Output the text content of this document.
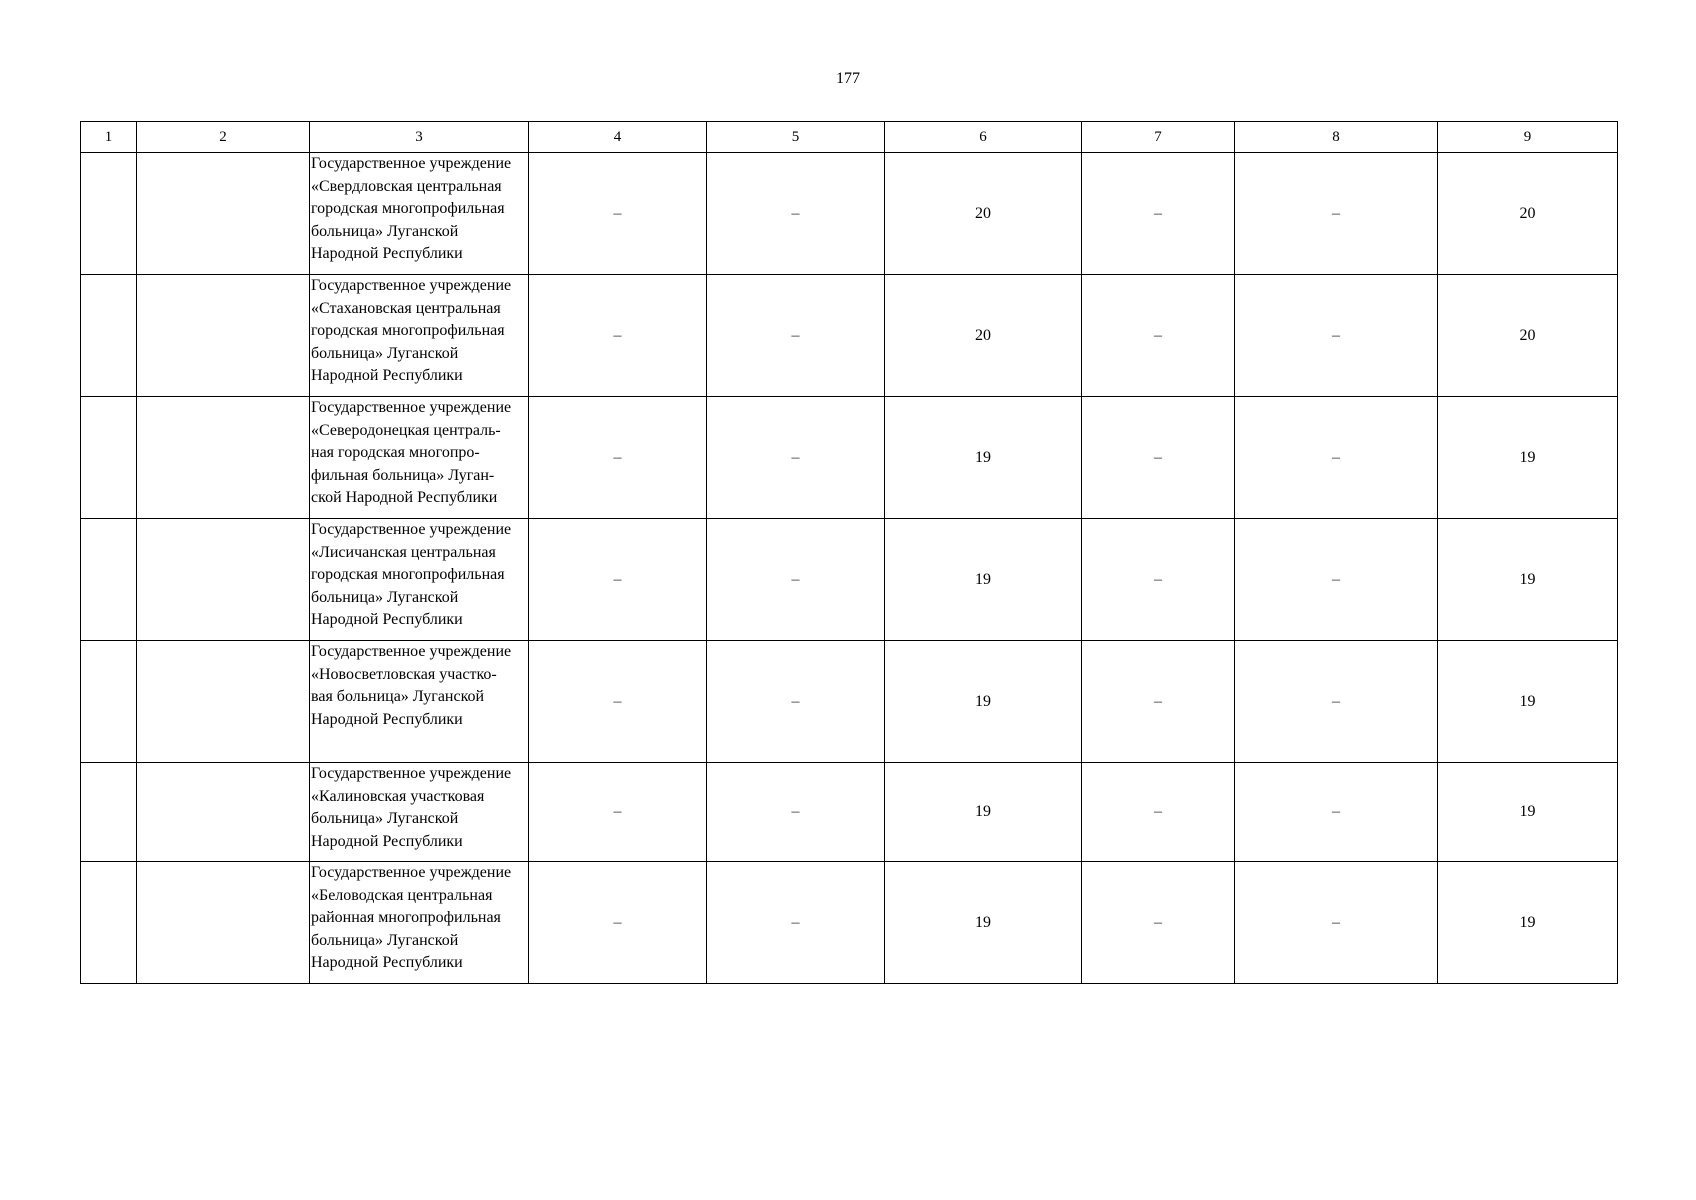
177
1	2	3	4	5	6	7	8	9

		Государственное учреждение
«Свердловская центральная
городская многопрофильная
больница» Луганской
Народной Республики	–	–	20	–	–	20

		Государственное учреждение
«Стахановская центральная
городская многопрофильная
больница» Луганской
Народной Республики	–	–	20	–	–	20

		Государственное учреждение
«Северодонецкая централь-
ная городская многопро-
фильная больница» Луган-
ской Народной Республики	–	–	19	–	–	19

		Государственное учреждение
«Лисичанская центральная
городская многопрофильная
больница» Луганской
Народной Республики	–	–	19	–	–	19

		Государственное учреждение
«Новосветловская участко-
вая больница» Луганской
Народной Республики	–	–	19	–	–	19

		Государственное учреждение
«Калиновская участковая
больница» Луганской
Народной Республики	–	–	19	–	–	19

		Государственное учреждение
«Беловодская центральная
районная многопрофильная
больница» Луганской
Народной Республики	–	–	19	–	–	19
